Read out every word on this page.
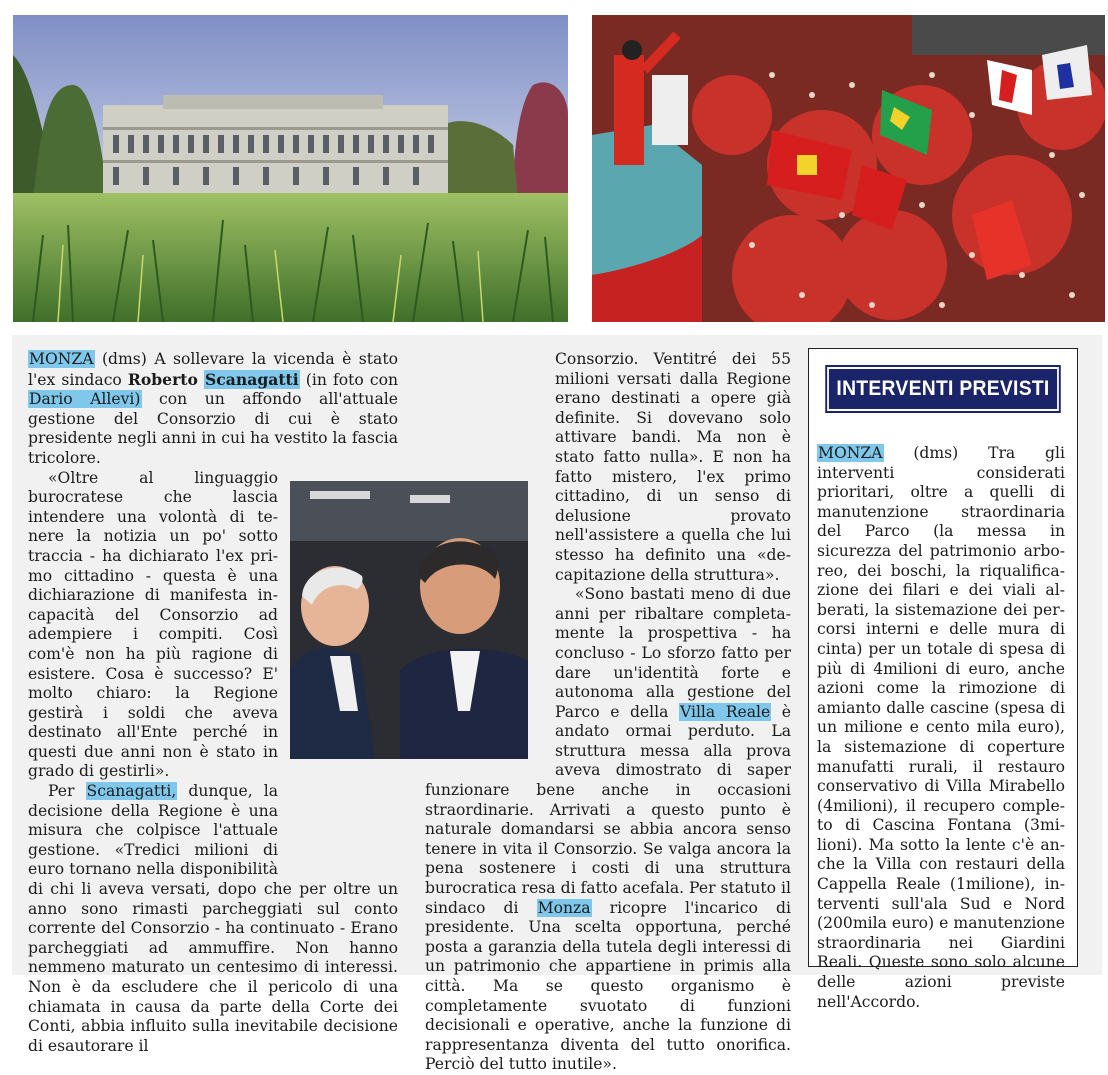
MONZA (dms) A sollevare la vicenda è stato l'ex sindaco Roberto Scanagatti (in foto con Dario Allevi) con un affondo all'attuale gestione del Consorzio di cui è stato presidente negli anni in cui ha vestito la fascia tricolore.

«Oltre al linguaggio burocratese che lascia intendere una volontà di tenere la notizia un po' sotto traccia - ha dichiarato l'ex primo cittadino - questa è una dichiarazione di manifesta incapacità del Consorzio ad adempiere i compiti. Così com'è non ha più ragione di esistere. Cosa è successo? E' molto chiaro: la Regione gestirà i soldi che aveva destinato all'Ente perché in questi due anni non è stato in grado di gestirli».

Per Scanagatti, dunque, la decisione della Regione è una misura che colpisce l'attuale gestione. «Tredici milioni di euro tornano nella disponibilità di chi li aveva versati, dopo che per oltre un anno sono rimasti parcheggiati sul conto corrente del Consorzio - ha continuato - Erano parcheggiati ad ammuffire. Non hanno nemmeno maturato un centesimo di interessi. Non è da escludere che il pericolo di una chiamata in causa da parte della Corte dei Conti, abbia influito sulla inevitabile decisione di esautorare il

Consorzio. Ventitré dei 55 milioni versati dalla Regione erano destinati a opere già definite. Si dovevano solo attivare bandi. Ma non è stato fatto nulla». E non ha fatto mistero, l'ex primo cittadino, di un senso di delusione provato nell'assistere a quella che lui stesso ha definito una «decapitazione della struttura».

«Sono bastati meno di due anni per ribaltare completamente la prospettiva - ha concluso - Lo sforzo fatto per dare un'identità forte e autonoma alla gestione del Parco e della Villa Reale è andato ormai perduto. La struttura messa alla prova aveva dimostrato di saper funzionare bene anche in occasioni straordinarie. Arrivati a questo punto è naturale domandarsi se abbia ancora senso tenere in vita il Consorzio. Se valga ancora la pena sostenere i costi di una struttura burocratica resa di fatto acefala. Per statuto il sindaco di Monza ricopre l'incarico di presidente. Una scelta opportuna, perché posta a garanzia della tutela degli interessi di un patrimonio che appartiene in primis alla città. Ma se questo organismo è completamente svuotato di funzioni decisionali e operative, anche la funzione di rappresentanza diventa del tutto onorifica. Perciò del tutto inutile».

INTERVENTI PREVISTI
MONZA (dms) Tra gli interventi considerati prioritari, oltre a quelli di manutenzione straordinaria del Parco (la messa in sicurezza del patrimonio arboreo, dei boschi, la riqualificazione dei filari e dei viali alberati, la sistemazione dei percorsi interni e delle mura di cinta) per un totale di spesa di più di 4milioni di euro, anche azioni come la rimozione di amianto dalle cascine (spesa di un milione e cento mila euro), la sistemazione di coperture manufatti rurali, il restauro conservativo di Villa Mirabello (4milioni), il recupero completo di Cascina Fontana (3milioni). Ma sotto la lente c'è anche la Villa con restauri della Cappella Reale (1milione), interventi sull'ala Sud e Nord (200mila euro) e manutenzione straordinaria nei Giardini Reali. Queste sono solo alcune delle azioni previste nell'Accordo.
